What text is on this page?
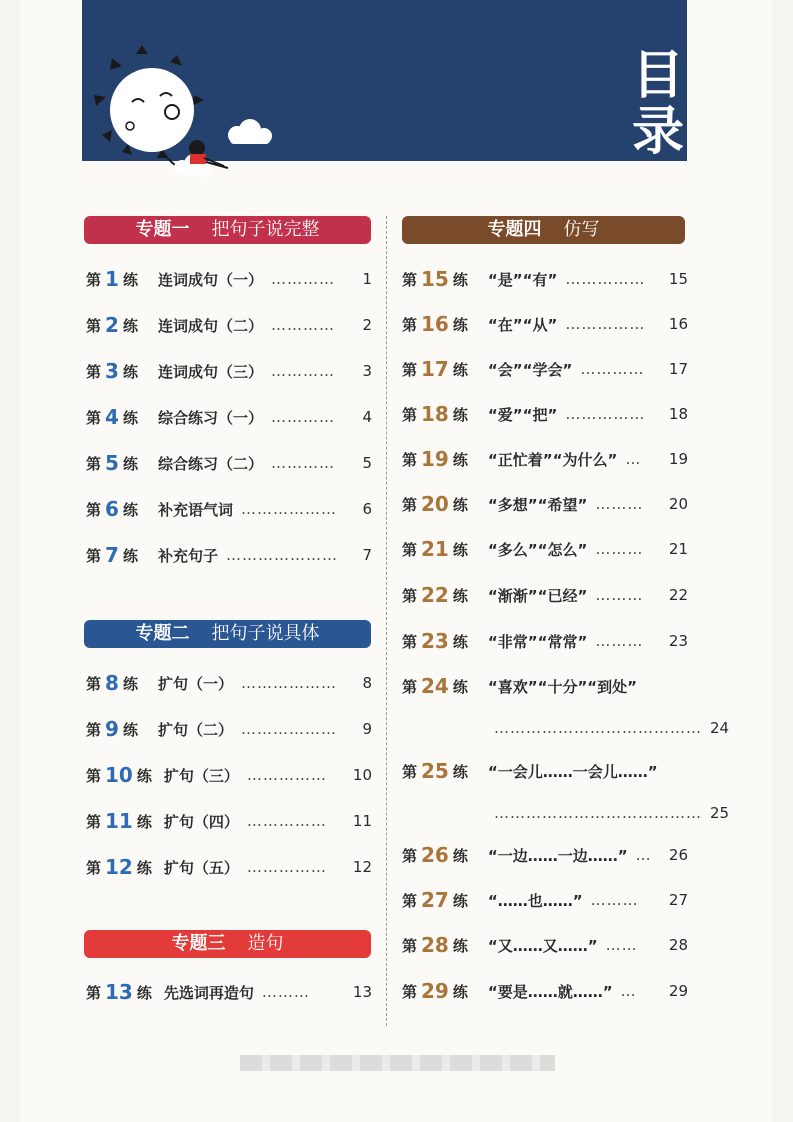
目
录
专题一 把句子说完整
第 1 练 连词成句（一） …………	1
第 2 练 连词成句（二） …………	2
第 3 练 连词成句（三） …………	3
第 4 练 综合练习（一） …………	4
第 5 练 综合练习（二） …………	5
第 6 练 补充语气词 ………………	6
第 7 练 补充句子 …………………	7
专题二 把句子说具体
第 8 练 扩句（一） ………………	8
第 9 练 扩句（二） ………………	9
第 10 练 扩句（三） ……………	10
第 11 练 扩句（四） ……………	11
第 12 练 扩句（五） ……………	12
专题三 造句
第 13 练 先选词再造句 ………	13
专题四 仿写
第 15 练 “是”“有” ……………	15
第 16 练 “在”“从” ……………	16
第 17 练 “会”“学会” …………	17
第 18 练 “爱”“把” ……………	18
第 19 练 “正忙着”“为什么” …	19
第 20 练 “多想”“希望” ………	20
第 21 练 “多么”“怎么” ………	21
第 22 练 “渐渐”“已经” ………	22
第 23 练 “非常”“常常” ………	23
第 24 练 “喜欢”“十分”“到处”
………………………………… 24
第 25 练 “一会儿……一会儿……”
………………………………… 25
第 26 练 “一边……一边……” …	26
第 27 练 “……也……” ………	27
第 28 练 “又……又……” ……	28
第 29 练 “要是……就……” …	29
